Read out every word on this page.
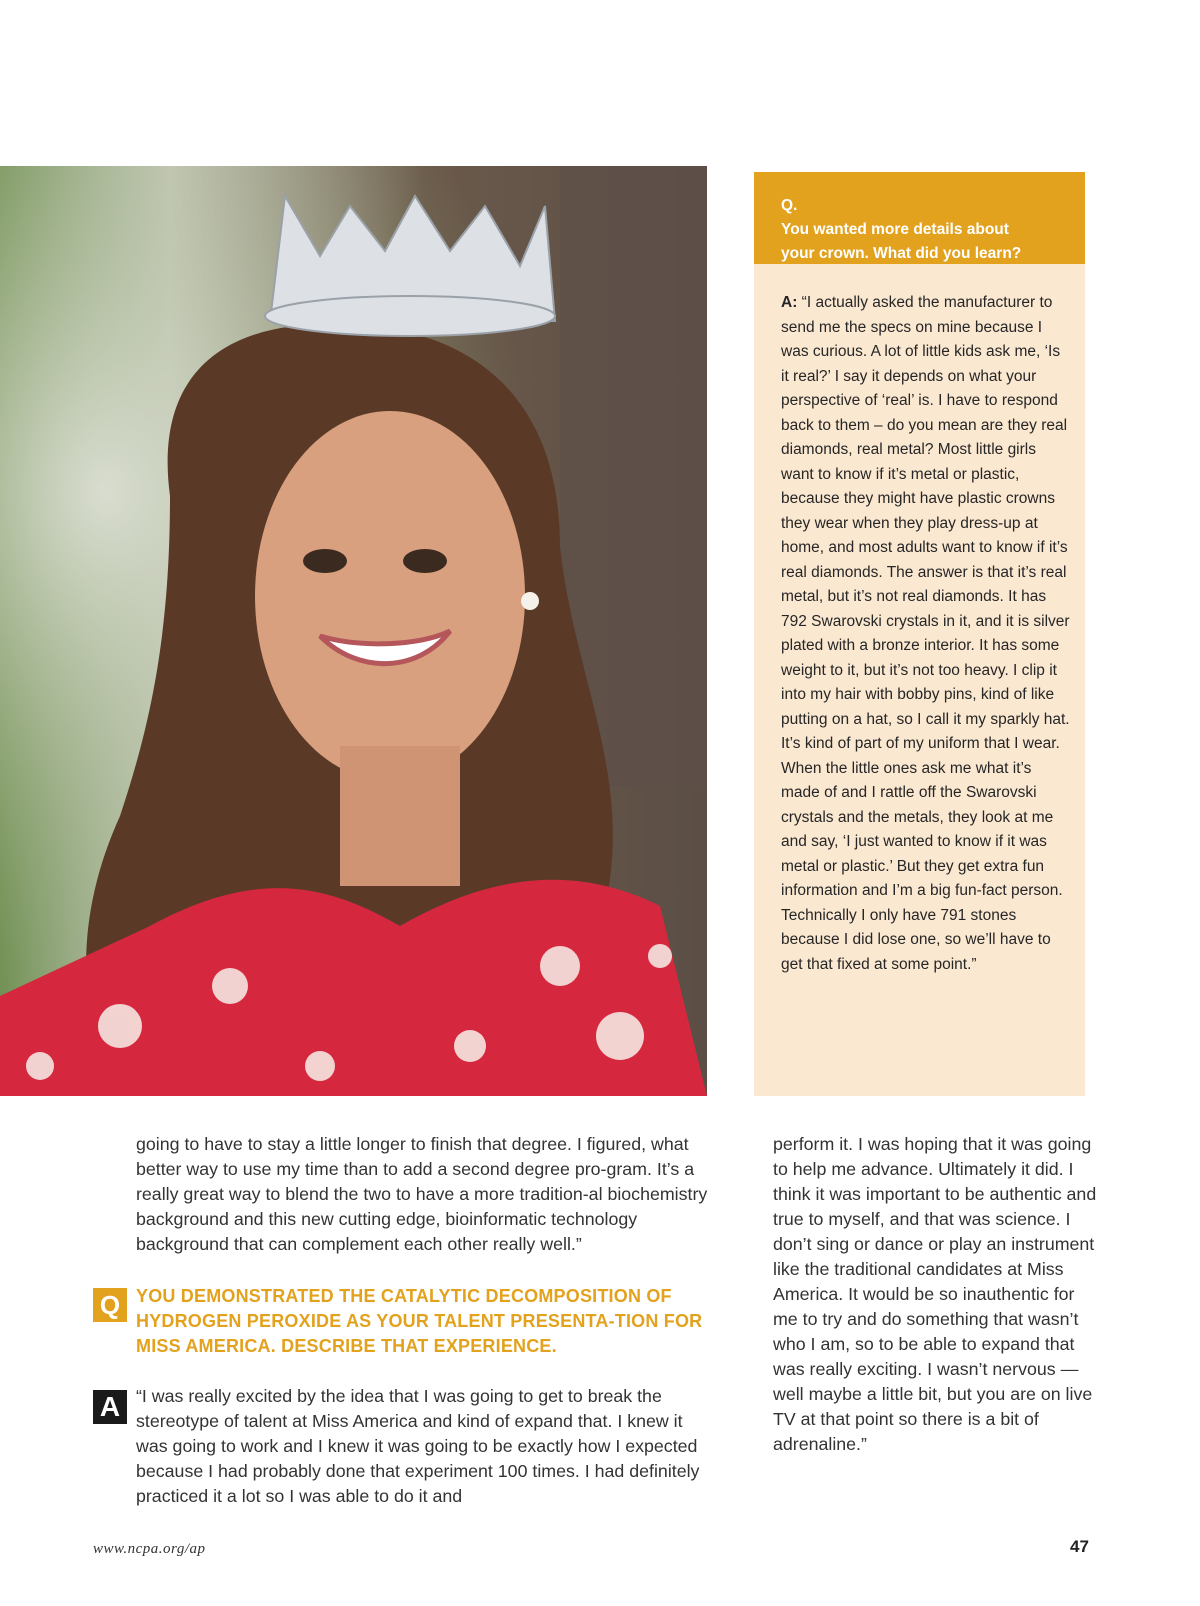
Q.You wanted more details about your crown. What did you learn?
A: “I actually asked the manufacturer to send me the specs on mine because I was curious. A lot of little kids ask me, ‘Is it real?’ I say it depends on what your perspective of ‘real’ is. I have to respond back to them – do you mean are they real diamonds, real metal? Most little girls want to know if it’s metal or plastic, because they might have plastic crowns they wear when they play dress-up at home, and most adults want to know if it’s real diamonds. The answer is that it’s real metal, but it’s not real diamonds. It has 792 Swarovski crystals in it, and it is silver plated with a bronze interior. It has some weight to it, but it’s not too heavy. I clip it into my hair with bobby pins, kind of like putting on a hat, so I call it my sparkly hat. It’s kind of part of my uniform that I wear. When the little ones ask me what it’s made of and I rattle off the Swarovski crystals and the metals, they look at me and say, ‘I just wanted to know if it was metal or plastic.’ But they get extra fun information and I’m a big fun-fact person. Technically I only have 791 stones because I did lose one, so we’ll have to get that fixed at some point.”

going to have to stay a little longer to finish that degree. I figured, what better way to use my time than to add a second degree pro-gram. It’s a really great way to blend the two to have a more tradition-al biochemistry background and this new cutting edge, bioinformatic technology background that can complement each other really well.”

Q YOU DEMONSTRATED THE CATALYTIC DECOMPOSITION OF HYDROGEN PEROXIDE AS YOUR TALENT PRESENTA-TION FOR MISS AMERICA. DESCRIBE THAT EXPERIENCE.
A “I was really excited by the idea that I was going to get to break the stereotype of talent at Miss America and kind of expand that. I knew it was going to work and I knew it was going to be exactly how I expected because I had probably done that experiment 100 times. I had definitely practiced it a lot so I was able to do it and
perform it. I was hoping that it was going to help me advance. Ultimately it did. I think it was important to be authentic and true to myself, and that was science. I don’t sing or dance or play an instrument like the traditional candidates at Miss America. It would be so inauthentic for me to try and do something that wasn’t who I am, so to be able to expand that was really exciting. I wasn’t nervous — well maybe a little bit, but you are on live TV at that point so there is a bit of adrenaline.”
www.ncpa.org/ap	47
